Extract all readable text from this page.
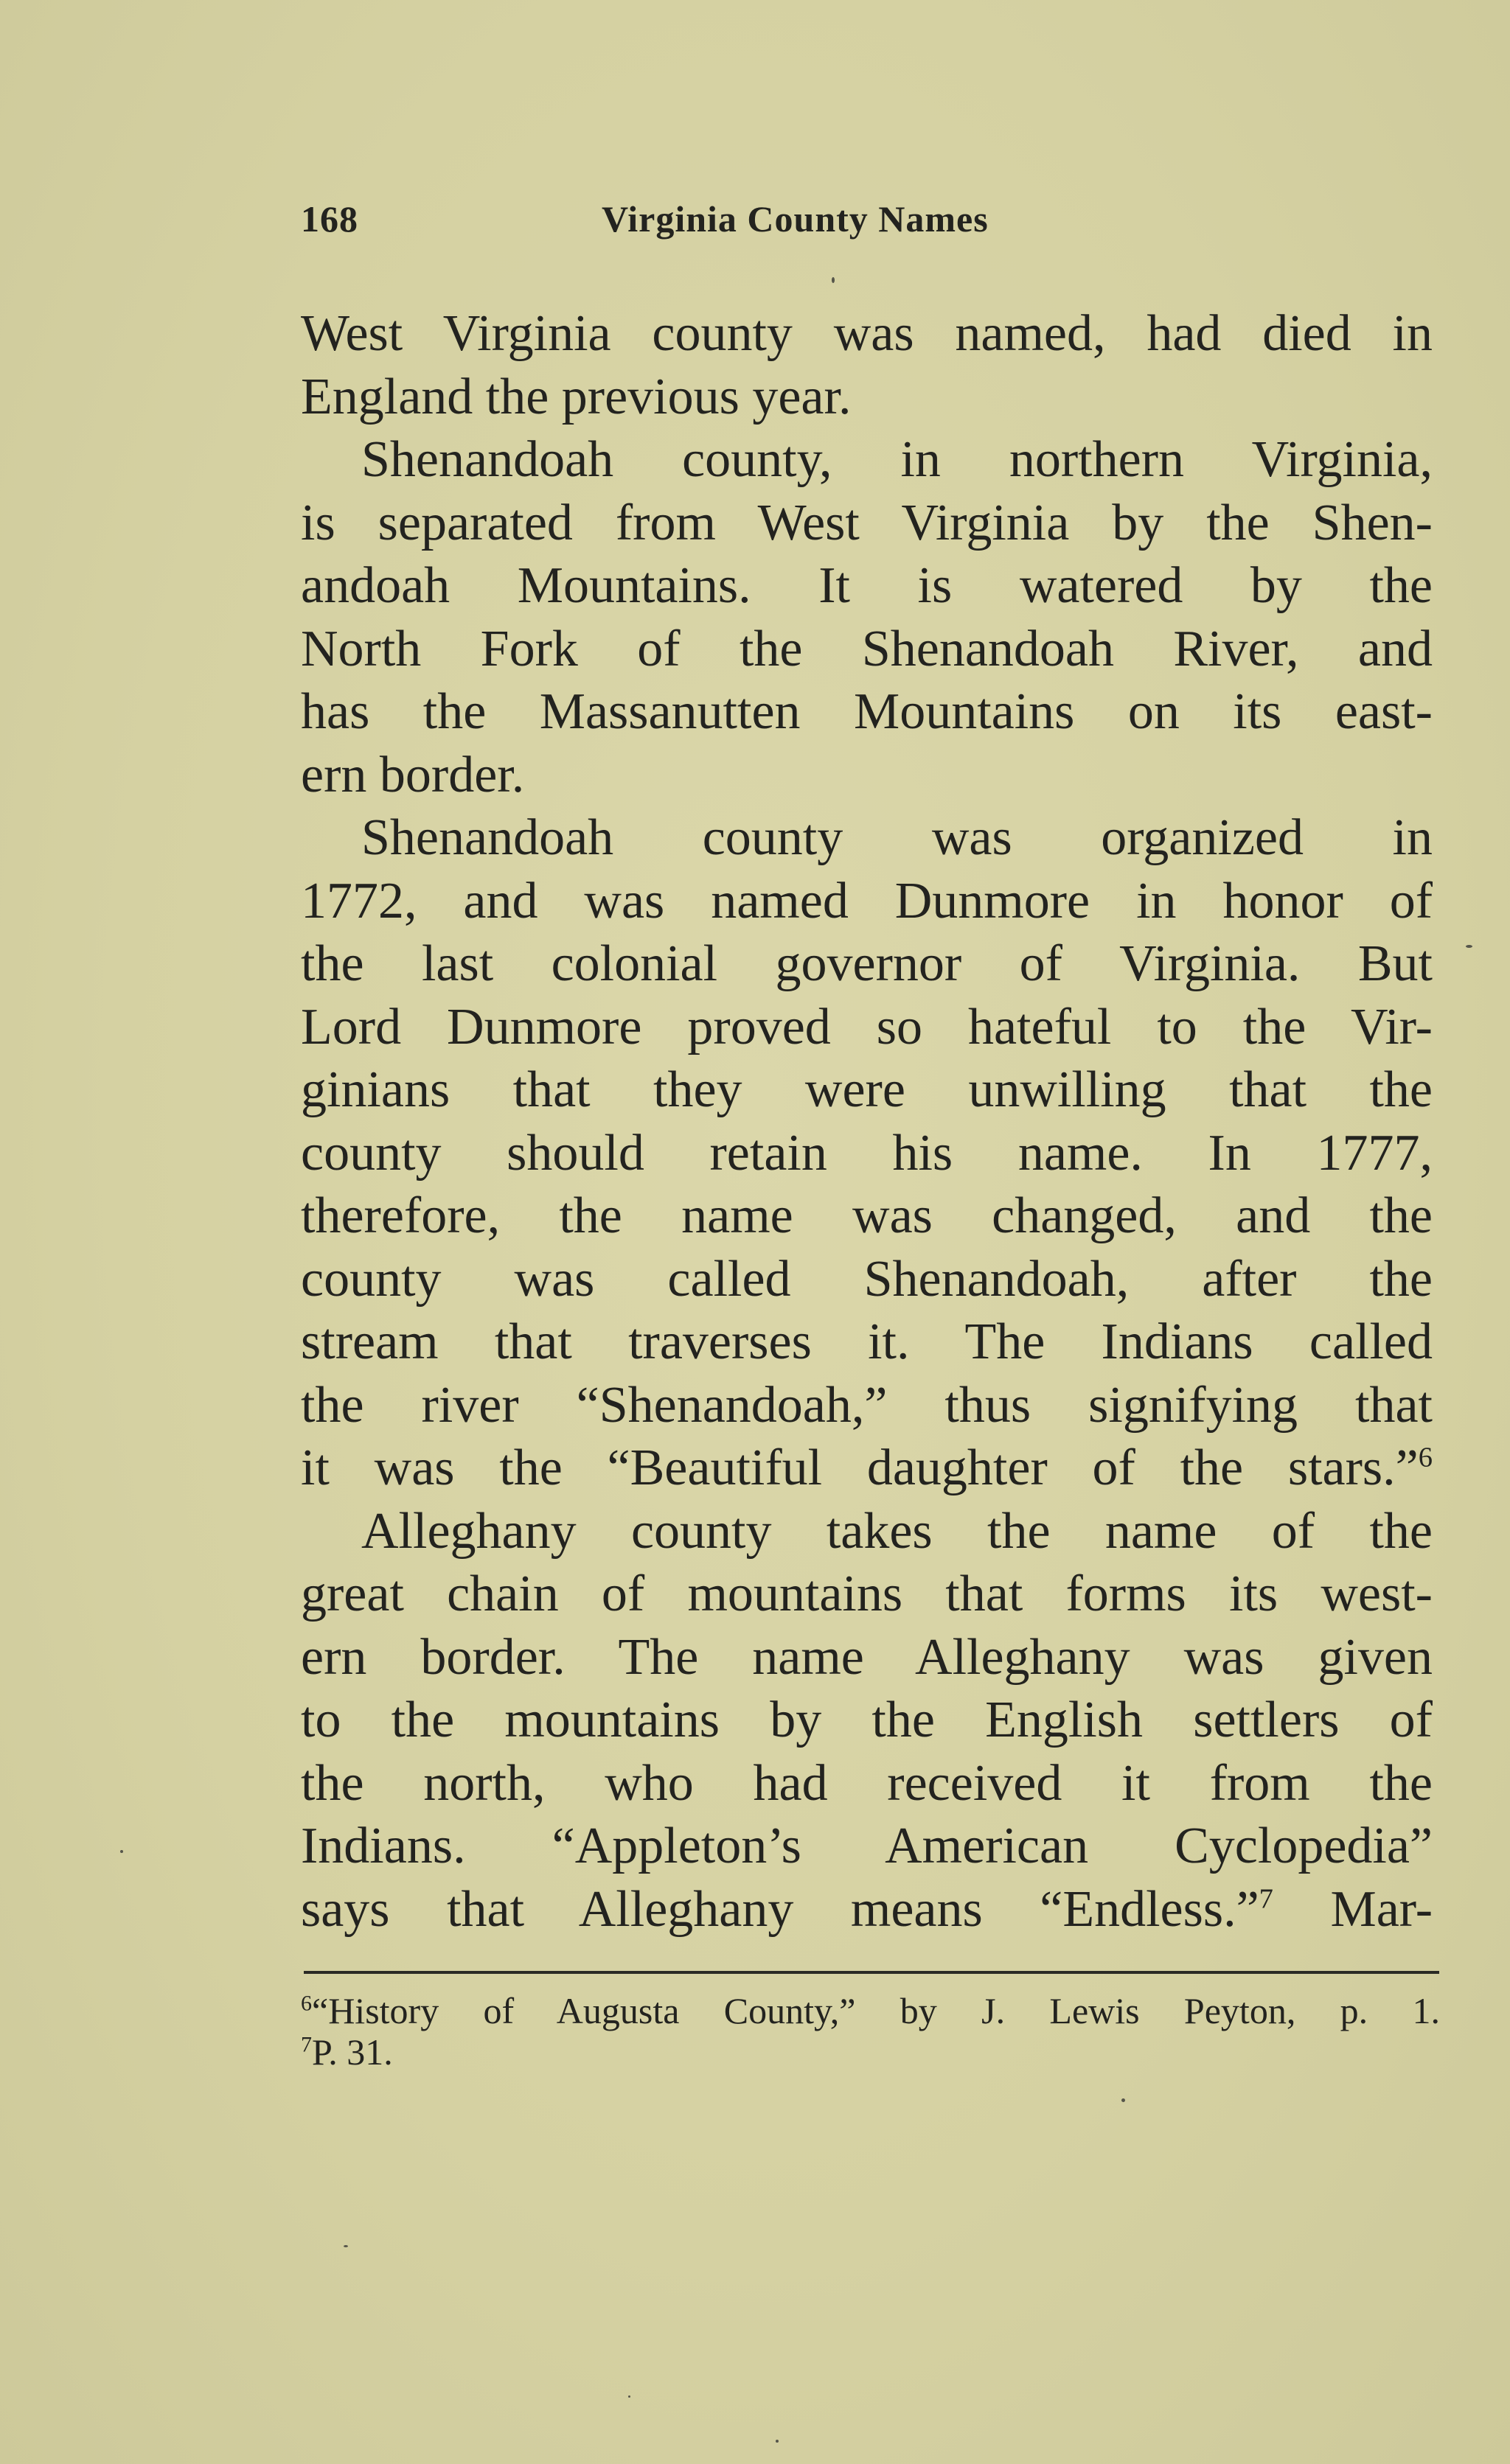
168	Virginia County Names
West Virginia county was named, had died in
England the previous year.
Shenandoah county, in northern Virginia,
is separated from West Virginia by the Shen-
andoah Mountains. It is watered by the
North Fork of the Shenandoah River, and
has the Massanutten Mountains on its east-
ern border.
Shenandoah county was organized in
1772, and was named Dunmore in honor of
the last colonial governor of Virginia. But
Lord Dunmore proved so hateful to the Vir-
ginians that they were unwilling that the
county should retain his name. In 1777,
therefore, the name was changed, and the
county was called Shenandoah, after the
stream that traverses it. The Indians called
the river “Shenandoah,” thus signifying that
it was the “Beautiful daughter of the stars.”$^6$
Alleghany county takes the name of the
great chain of mountains that forms its west-
ern border. The name Alleghany was given
to the mountains by the English settlers of
the north, who had received it from the
Indians. “Appleton’s American Cyclopedia”
says that Alleghany means “Endless.”$^7$ Mar-
$^6$“History of Augusta County,” by J. Lewis Peyton, p. 1.
$^7$P. 31.
